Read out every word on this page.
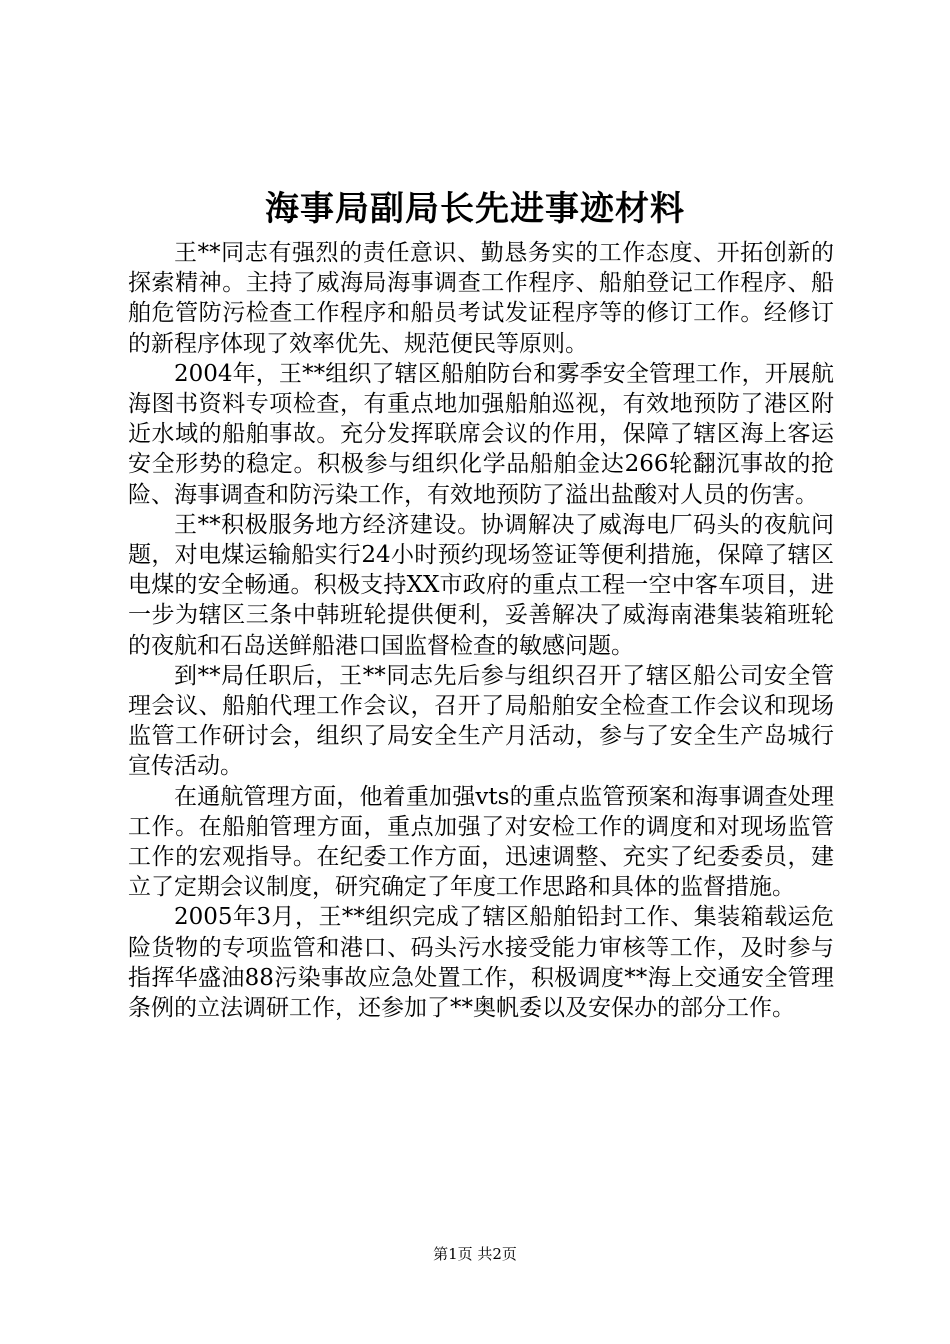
海事局副局长先进事迹材料

王**同志有强烈的责任意识、勤恳务实的工作态度、开拓创新的探索精神。主持了威海局海事调查工作程序、船舶登记工作程序、船舶危管防污检查工作程序和船员考试发证程序等的修订工作。经修订的新程序体现了效率优先、规范便民等原则。

2004年，王**组织了辖区船舶防台和雾季安全管理工作，开展航海图书资料专项检查，有重点地加强船舶巡视，有效地预防了港区附近水域的船舶事故。充分发挥联席会议的作用，保障了辖区海上客运安全形势的稳定。积极参与组织化学品船舶金达266轮翻沉事故的抢险、海事调查和防污染工作，有效地预防了溢出盐酸对人员的伤害。

王**积极服务地方经济建设。协调解决了威海电厂码头的夜航问题，对电煤运输船实行24小时预约现场签证等便利措施，保障了辖区电煤的安全畅通。积极支持XX市政府的重点工程一空中客车项目，进一步为辖区三条中韩班轮提供便利，妥善解决了威海南港集装箱班轮的夜航和石岛送鲜船港口国监督检查的敏感问题。

到**局任职后，王**同志先后参与组织召开了辖区船公司安全管理会议、船舶代理工作会议，召开了局船舶安全检查工作会议和现场监管工作研讨会，组织了局安全生产月活动，参与了安全生产岛城行宣传活动。

在通航管理方面，他着重加强vts的重点监管预案和海事调查处理工作。在船舶管理方面，重点加强了对安检工作的调度和对现场监管工作的宏观指导。在纪委工作方面，迅速调整、充实了纪委委员，建立了定期会议制度，研究确定了年度工作思路和具体的监督措施。

2005年3月，王**组织完成了辖区船舶铅封工作、集装箱载运危险货物的专项监管和港口、码头污水接受能力审核等工作，及时参与指挥华盛油88污染事故应急处置工作，积极调度**海上交通安全管理条例的立法调研工作，还参加了**奥帆委以及安保办的部分工作。

第1页 共2页
